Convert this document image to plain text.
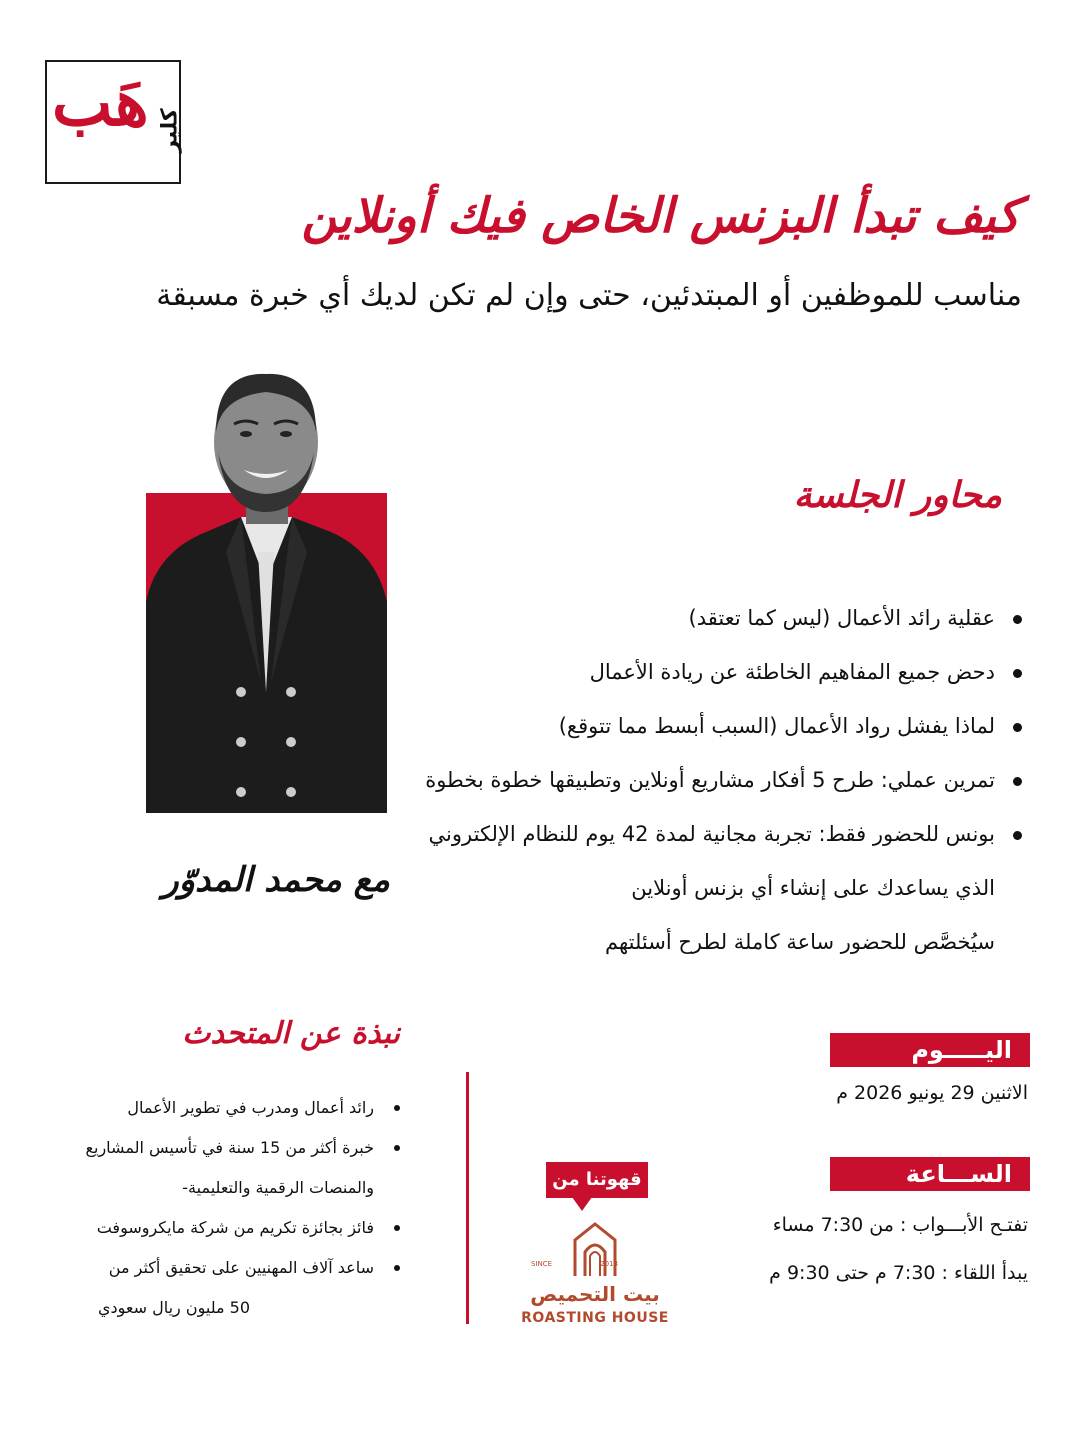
هَب كلير
كيف تبدأ البزنس الخاص فيك أونلاين
مناسب للموظفين أو المبتدئين، حتى وإن لم تكن لديك أي خبرة مسبقة
مع محمد المدوّر
محاور الجلسة
عقلية رائد الأعمال (ليس كما تعتقد)
دحض جميع المفاهيم الخاطئة عن ريادة الأعمال
لماذا يفشل رواد الأعمال (السبب أبسط مما تتوقع)
تمرين عملي: طرح 5 أفكار مشاريع أونلاين وتطبيقها خطوة بخطوة
بونس للحضور فقط: تجربة مجانية لمدة 42 يوم للنظام الإلكتروني
الذي يساعدك على إنشاء أي بزنس أونلاين
سيُخصَّص للحضور ساعة كاملة لطرح أسئلتهم
نبذة عن المتحدث
رائد أعمال ومدرب في تطوير الأعمال
خبرة أكثر من 15 سنة في تأسيس المشاريع
والمنصات الرقمية والتعليمية-
فائز بجائزة تكريم من شركة مايكروسوفت
ساعد آلاف المهنيين على تحقيق أكثر من
50 مليون ريال سعودي
قهوتنا من
SINCE	2013
بيت التحميص
ROASTING HOUSE
اليـــــوم
الاثنين 29 يونيو 2026 م
الســـاعة
تفتـح الأبـــواب : من 7:30 مساء
يبدأ اللقاء : 7:30 م حتى 9:30 م
